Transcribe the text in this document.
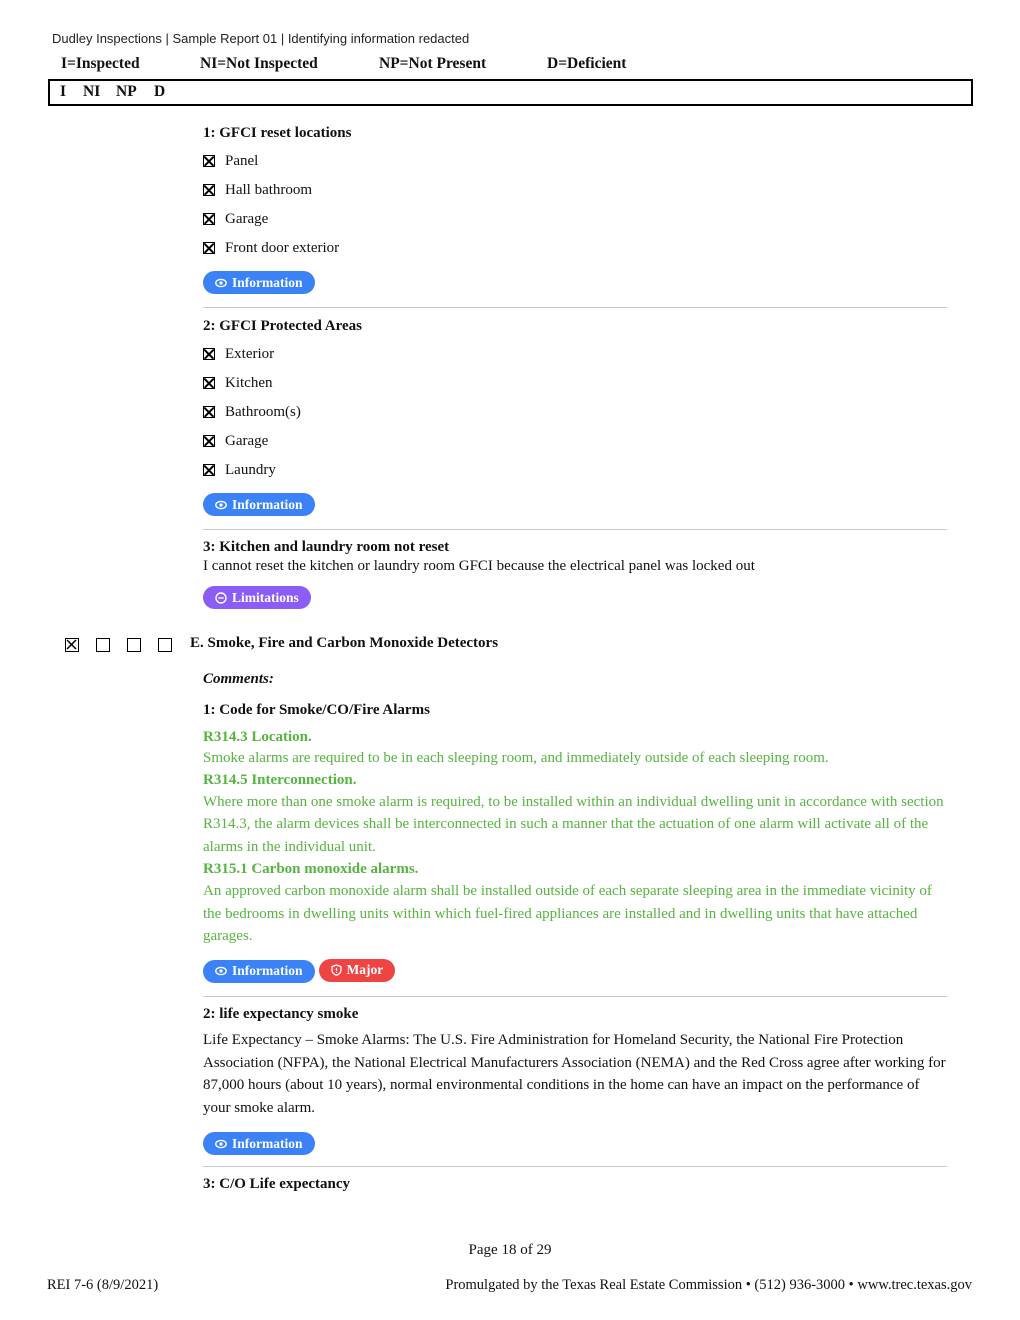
Dudley Inspections | Sample Report 01 | Identifying information redacted
I=Inspected	NI=Not Inspected	NP=Not Present	D=Deficient
I NI NP D
1: GFCI reset locations
Panel
Hall bathroom
Garage
Front door exterior
Information
2: GFCI Protected Areas
Exterior
Kitchen
Bathroom(s)
Garage
Laundry
Information
3: Kitchen and laundry room not reset
I cannot reset the kitchen or laundry room GFCI because the electrical panel was locked out
Limitations
E. Smoke, Fire and Carbon Monoxide Detectors
Comments:
1: Code for Smoke/CO/Fire Alarms
R314.3 Location.
Smoke alarms are required to be in each sleeping room, and immediately outside of each sleeping room.
R314.5 Interconnection.
Where more than one smoke alarm is required, to be installed within an individual dwelling unit in accordance with section R314.3, the alarm devices shall be interconnected in such a manner that the actuation of one alarm will activate all of the alarms in the individual unit.
R315.1 Carbon monoxide alarms.
An approved carbon monoxide alarm shall be installed outside of each separate sleeping area in the immediate vicinity of the bedrooms in dwelling units within which fuel-fired appliances are installed and in dwelling units that have attached garages.
Information	Major
2: life expectancy smoke
Life Expectancy – Smoke Alarms: The U.S. Fire Administration for Homeland Security, the National Fire Protection Association (NFPA), the National Electrical Manufacturers Association (NEMA) and the Red Cross agree after working for 87,000 hours (about 10 years), normal environmental conditions in the home can have an impact on the performance of your smoke alarm.
Information
3: C/O Life expectancy
Page 18 of 29
REI 7-6 (8/9/2021)	Promulgated by the Texas Real Estate Commission • (512) 936-3000 • www.trec.texas.gov
